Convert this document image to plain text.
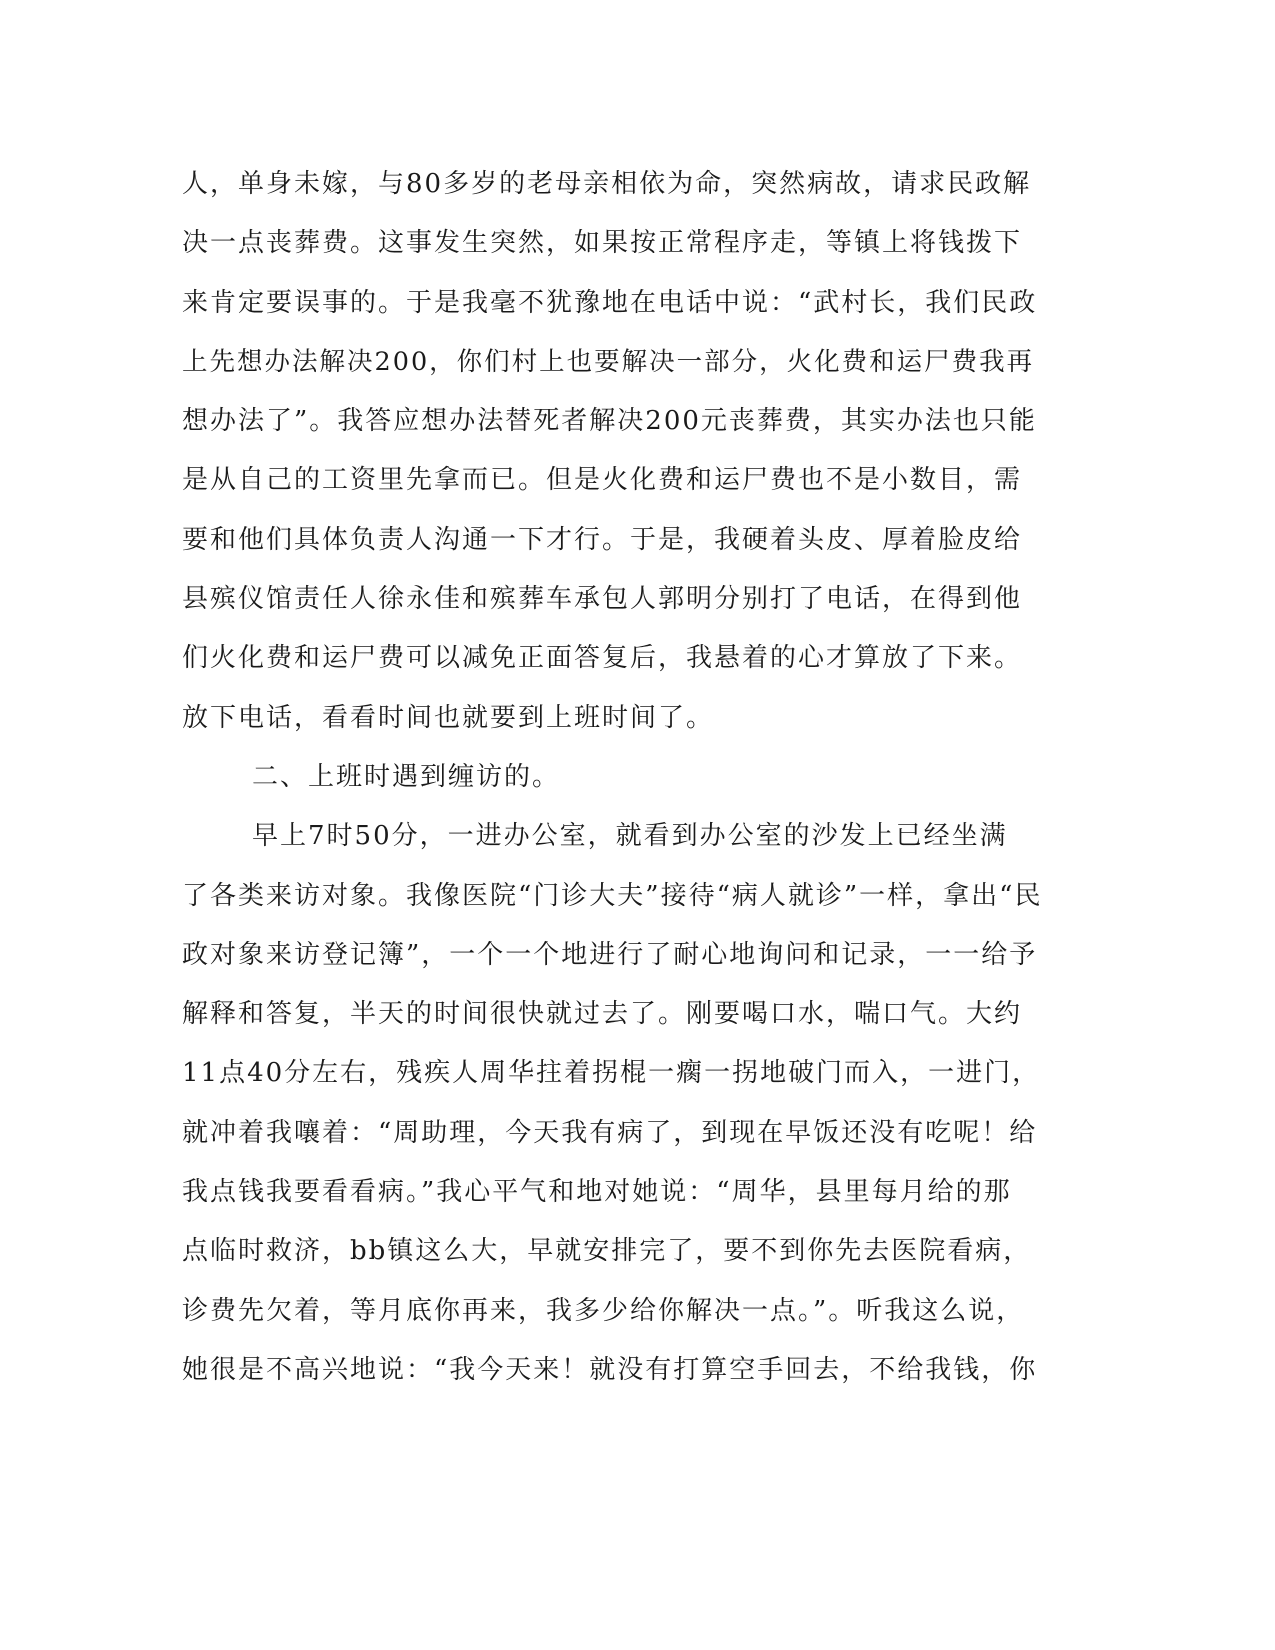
人，单身未嫁，与80多岁的老母亲相依为命，突然病故，请求民政解
决一点丧葬费。这事发生突然，如果按正常程序走，等镇上将钱拨下
来肯定要误事的。于是我毫不犹豫地在电话中说：“武村长，我们民政
上先想办法解决200，你们村上也要解决一部分，火化费和运尸费我再
想办法了”。我答应想办法替死者解决200元丧葬费，其实办法也只能
是从自己的工资里先拿而已。但是火化费和运尸费也不是小数目，需
要和他们具体负责人沟通一下才行。于是，我硬着头皮、厚着脸皮给
县殡仪馆责任人徐永佳和殡葬车承包人郭明分别打了电话，在得到他
们火化费和运尸费可以减免正面答复后，我悬着的心才算放了下来。
放下电话，看看时间也就要到上班时间了。
二、上班时遇到缠访的。
早上7时50分，一进办公室，就看到办公室的沙发上已经坐满
了各类来访对象。我像医院“门诊大夫”接待“病人就诊”一样，拿出“民
政对象来访登记簿”，一个一个地进行了耐心地询问和记录，一一给予
解释和答复，半天的时间很快就过去了。刚要喝口水，喘口气。大约
11点40分左右，残疾人周华拄着拐棍一瘸一拐地破门而入，一进门，
就冲着我嚷着：“周助理，今天我有病了，到现在早饭还没有吃呢！给
我点钱我要看看病。”我心平气和地对她说：“周华，县里每月给的那
点临时救济，bb镇这么大，早就安排完了，要不到你先去医院看病，
诊费先欠着，等月底你再来，我多少给你解决一点。”。听我这么说，
她很是不高兴地说：“我今天来！就没有打算空手回去，不给我钱，你
